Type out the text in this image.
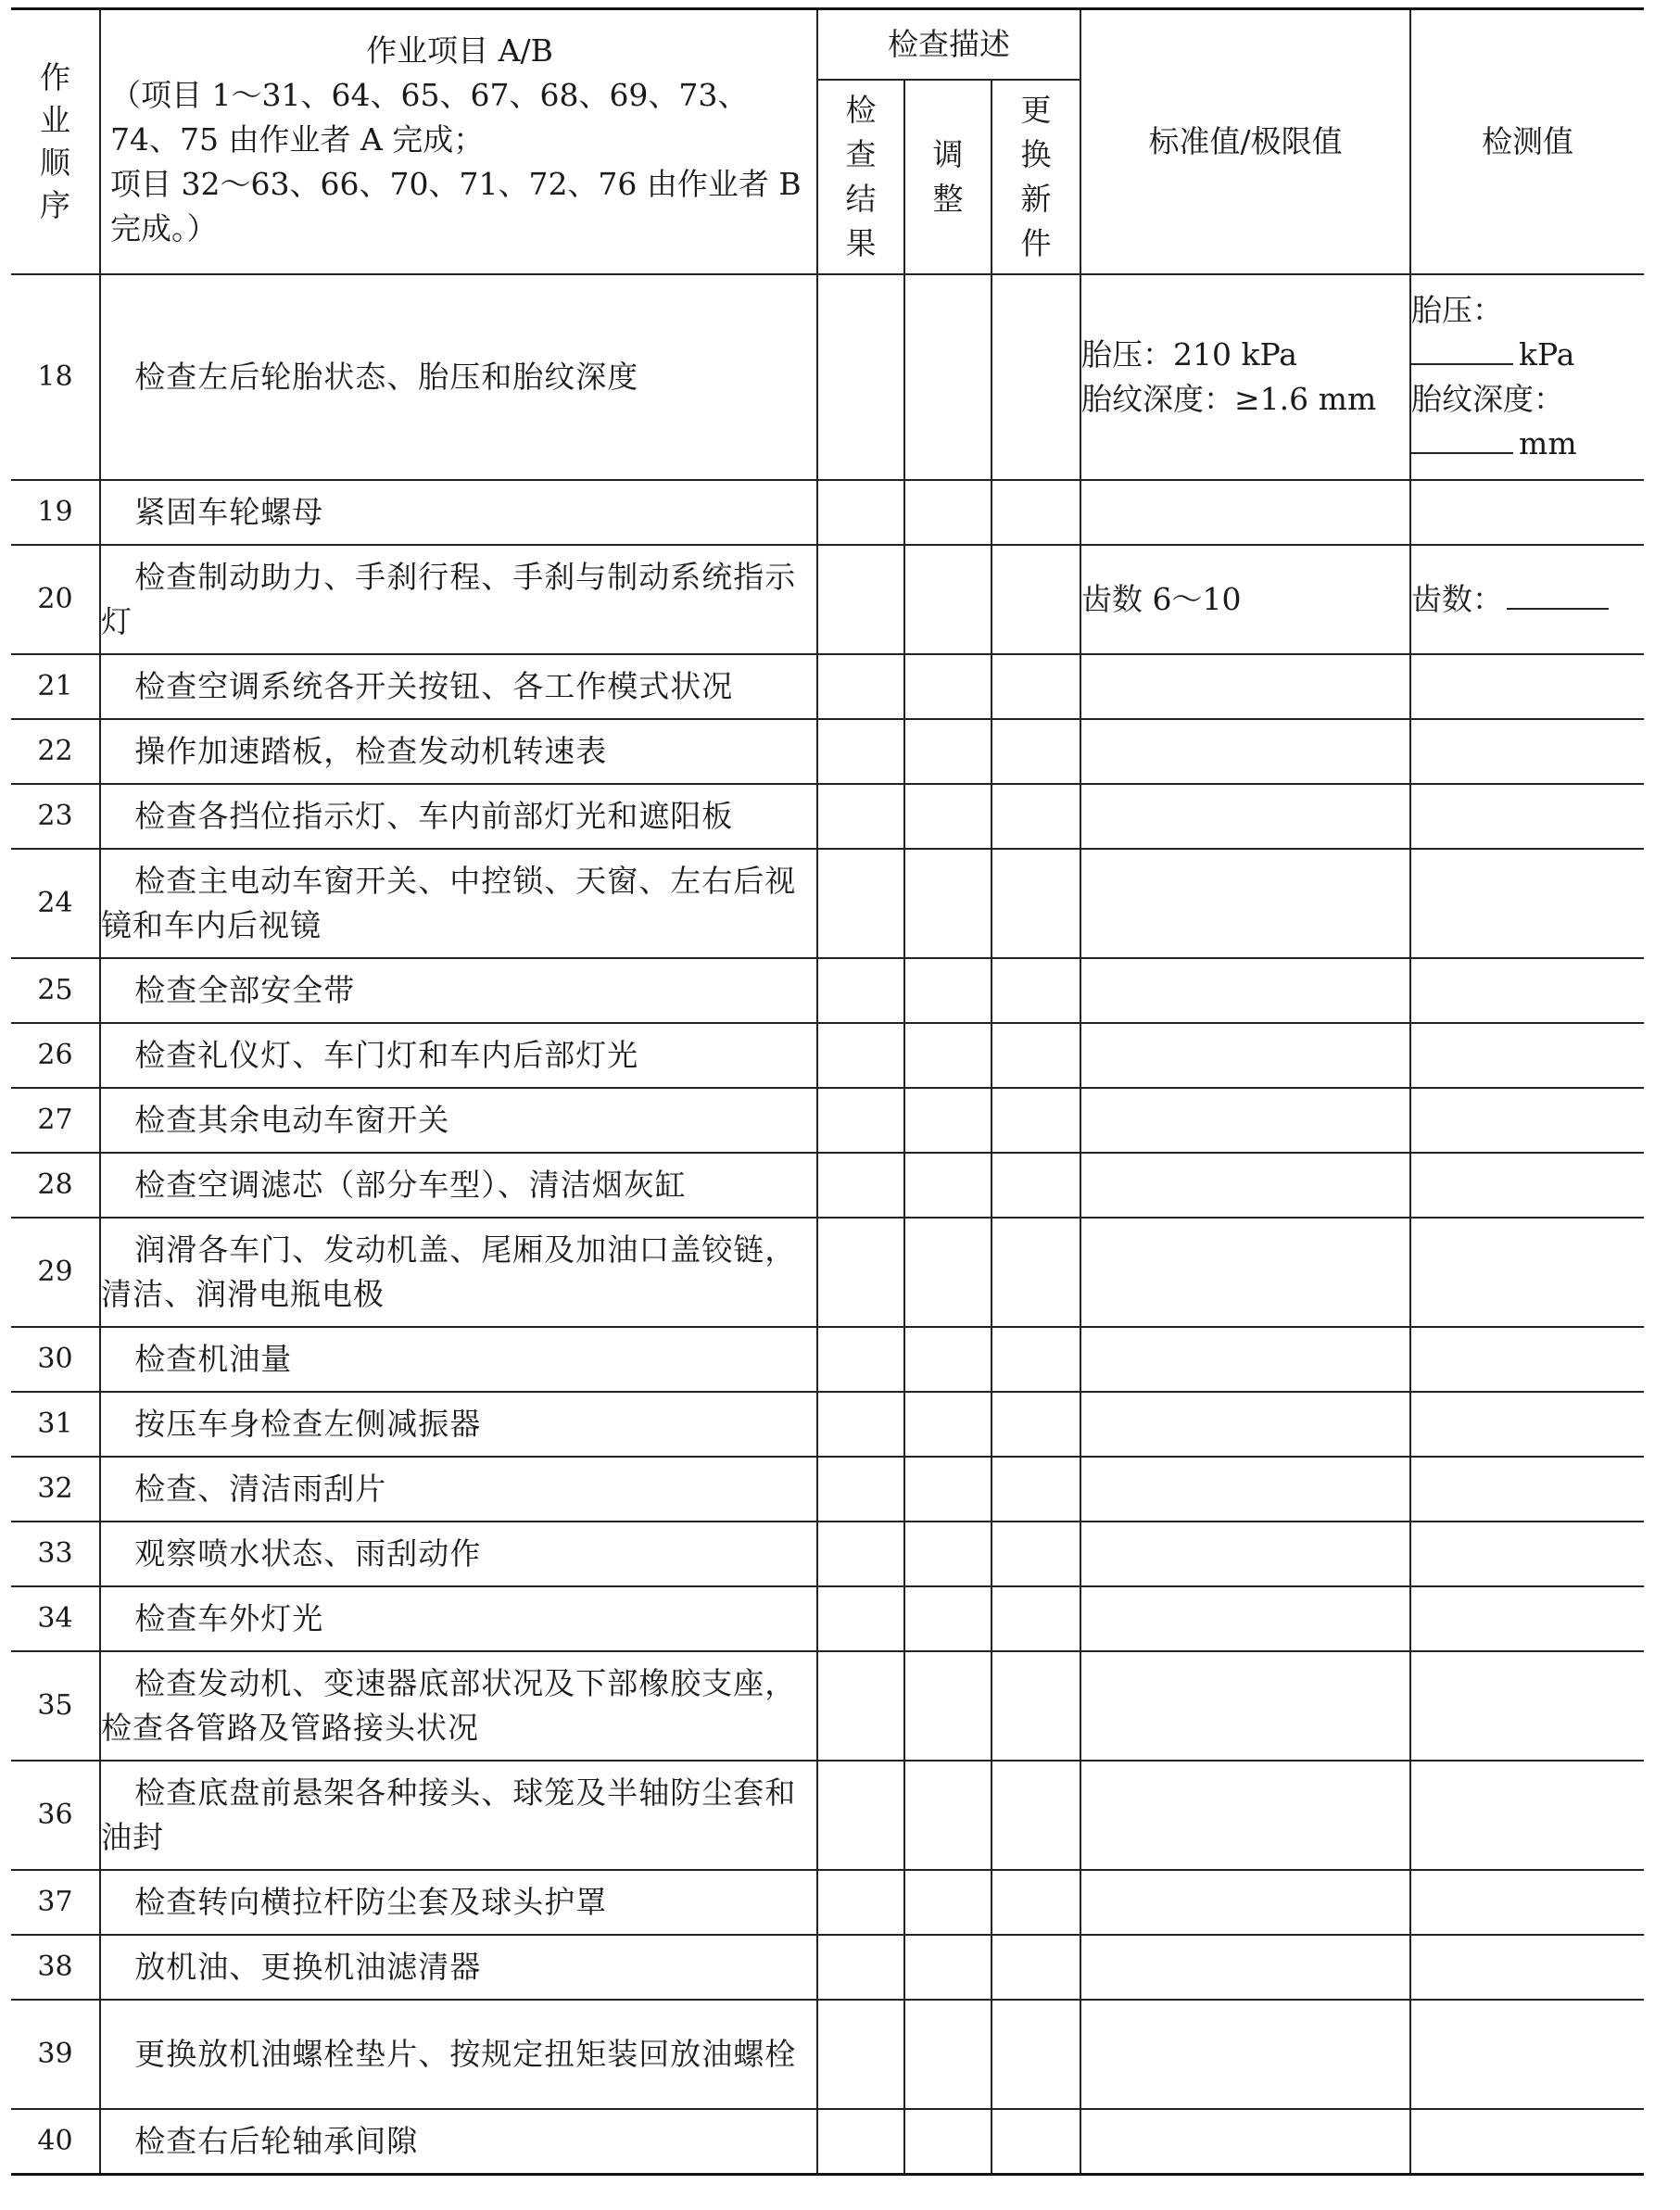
作业顺序	作业项目 A/B
（项目 1～31、64、65、67、68、69、73、74、75 由作业者 A 完成；
项目 32～63、66、70、71、72、76 由作业者 B 完成。）	检查描述			标准值/极限值	检测值
		检查结果	调整	更换新件		
18	检查左后轮胎状态、胎压和胎纹深度				胎压：210 kPa
胎纹深度：≥1.6 mm	胎压：
kPa
胎纹深度：
mm

19	紧固车轮螺母					

20	检查制动助力、手刹行程、手刹与制动系统指示灯				齿数 6～10	齿数：
21	检查空调系统各开关按钮、各工作模式状况					

22	操作加速踏板，检查发动机转速表					

23	检查各挡位指示灯、车内前部灯光和遮阳板					

24	检查主电动车窗开关、中控锁、天窗、左右后视镜和车内后视镜					

25	检查全部安全带					

26	检查礼仪灯、车门灯和车内后部灯光					

27	检查其余电动车窗开关					

28	检查空调滤芯（部分车型）、清洁烟灰缸					

29	润滑各车门、发动机盖、尾厢及加油口盖铰链，清洁、润滑电瓶电极					

30	检查机油量					

31	按压车身检查左侧减振器					

32	检查、清洁雨刮片					

33	观察喷水状态、雨刮动作					

34	检查车外灯光					

35	检查发动机、变速器底部状况及下部橡胶支座，检查各管路及管路接头状况					

36	检查底盘前悬架各种接头、球笼及半轴防尘套和油封					

37	检查转向横拉杆防尘套及球头护罩					

38	放机油、更换机油滤清器					

39	更换放机油螺栓垫片、按规定扭矩装回放油螺栓					

40	检查右后轮轴承间隙					
